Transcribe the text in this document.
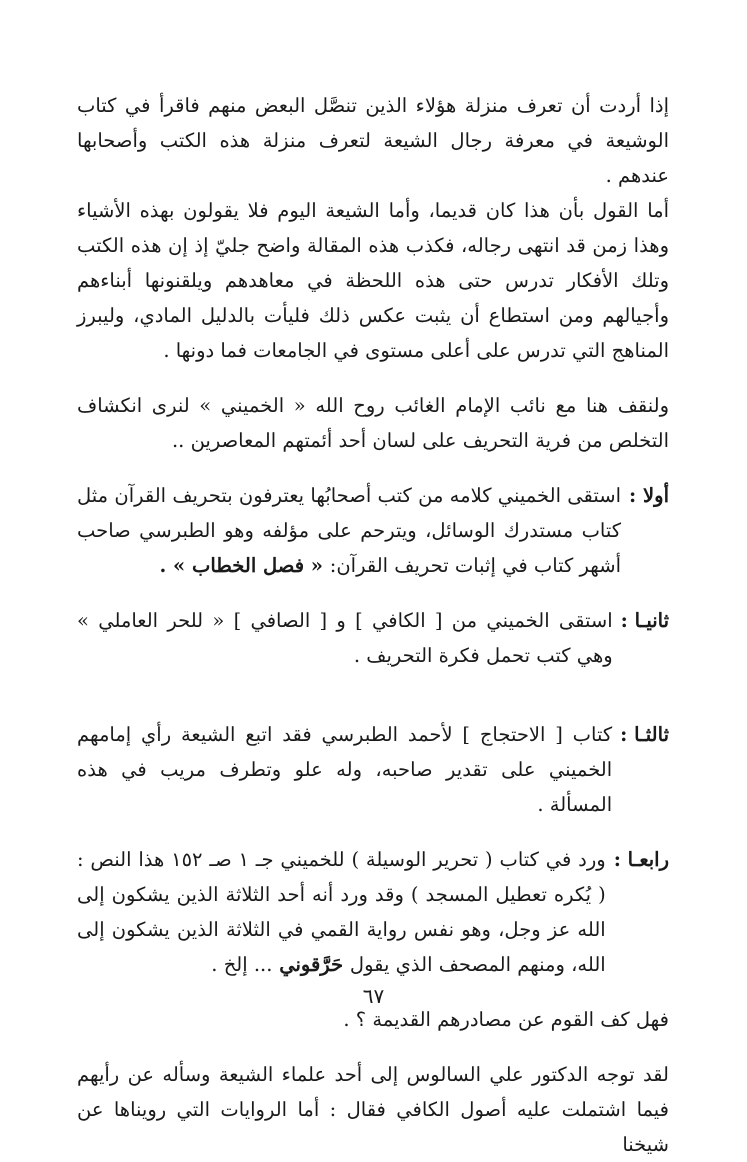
إذا أردت أن تعرف منزلة هؤلاء الذين تنصَّل البعض منهم فاقرأ في كتاب الوشيعة في معرفة رجال الشيعة لتعرف منزلة هذه الكتب وأصحابها عندهم .

أما القول بأن هذا كان قديما، وأما الشيعة اليوم فلا يقولون بهذه الأشياء وهذا زمن قد انتهى رجاله، فكذب هذه المقالة واضح جليّ إذ إن هذه الكتب وتلك الأفكار تدرس حتى هذه اللحظة في معاهدهم ويلقنونها أبناءهم وأجيالهم ومن استطاع أن يثبت عكس ذلك فليأت بالدليل المادي، وليبرز المناهج التي تدرس على أعلى مستوى في الجامعات فما دونها .

ولنقف هنا مع نائب الإمام الغائب روح الله « الخميني » لنرى انكشاف التخلص من فرية التحريف على لسان أحد أئمتهم المعاصرين ..

أولا :
استقى الخميني كلامه من كتب أصحابُها يعترفون بتحريف القرآن مثل كتاب مستدرك الوسائل، ويترحم على مؤلفه وهو الطبرسي صاحب أشهر كتاب في إثبات تحريف القرآن: « فصل الخطاب » .
ثانيـا :
استقى الخميني من [ الكافي ] و [ الصافي ] « للحر العاملي » وهي كتب تحمل فكرة التحريف .
ثالثـا :
كتاب [ الاحتجاج ] لأحمد الطبرسي فقد اتبع الشيعة رأي إمامهم الخميني على تقدير صاحبه، وله علو وتطرف مريب في هذه المسألة .
رابعـا :
ورد في كتاب ( تحرير الوسيلة ) للخميني جـ ١ صـ ١٥٢ هذا النص : ( يُكره تعطيل المسجد ) وقد ورد أنه أحد الثلاثة الذين يشكون إلى الله عز وجل، وهو نفس رواية القمي في الثلاثة الذين يشكون إلى الله، ومنهم المصحف الذي يقول حَرَّقوني ... إلخ .

فهل كف القوم عن مصادرهم القديمة ؟ .

لقد توجه الدكتور علي السالوس إلى أحد علماء الشيعة وسأله عن رأيهم فيما اشتملت عليه أصول الكافي فقال : أما الروايات التي رويناها عن شيخنا

٦٧
